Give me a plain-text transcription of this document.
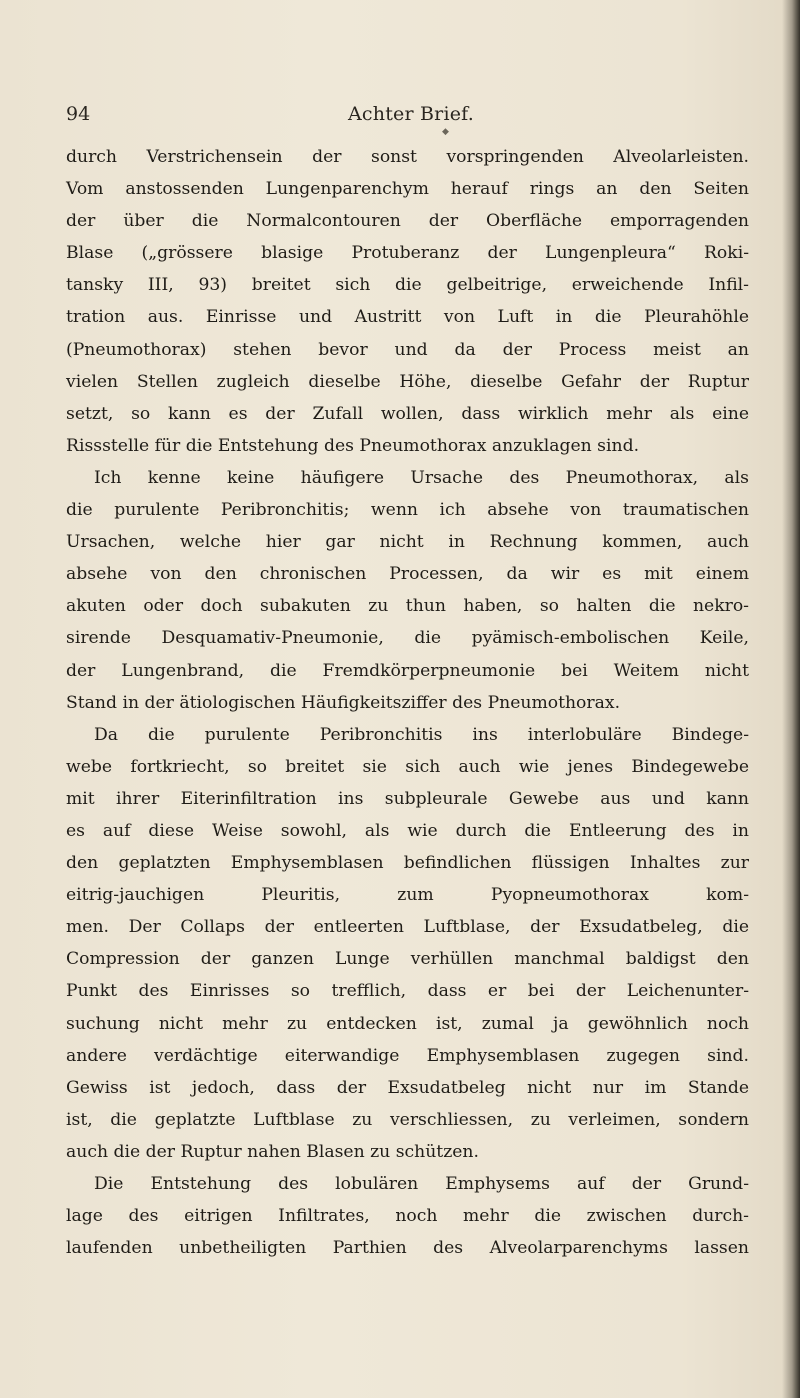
94	Achter Brief.
◆
durch Verstrichensein der sonst vorspringenden Alveolarleisten.
Vom anstossenden Lungenparenchym herauf rings an den Seiten
der über die Normalcontouren der Oberfläche emporragenden
Blase („grössere blasige Protuberanz der Lungenpleura“ Roki-
tansky III, 93) breitet sich die gelbeitrige, erweichende Infil-
tration aus. Einrisse und Austritt von Luft in die Pleurahöhle
(Pneumothorax) stehen bevor und da der Process meist an
vielen Stellen zugleich dieselbe Höhe, dieselbe Gefahr der Ruptur
setzt, so kann es der Zufall wollen, dass wirklich mehr als eine
Rissstelle für die Entstehung des Pneumothorax anzuklagen sind.
Ich kenne keine häufigere Ursache des Pneumothorax, als
die purulente Peribronchitis; wenn ich absehe von traumatischen
Ursachen, welche hier gar nicht in Rechnung kommen, auch
absehe von den chronischen Processen, da wir es mit einem
akuten oder doch subakuten zu thun haben, so halten die nekro-
sirende Desquamativ-Pneumonie, die pyämisch-embolischen Keile,
der Lungenbrand, die Fremdkörperpneumonie bei Weitem nicht
Stand in der ätiologischen Häufigkeitsziffer des Pneumothorax.
Da die purulente Peribronchitis ins interlobuläre Bindege-
webe fortkriecht, so breitet sie sich auch wie jenes Bindegewebe
mit ihrer Eiterinfiltration ins subpleurale Gewebe aus und kann
es auf diese Weise sowohl, als wie durch die Entleerung des in
den geplatzten Emphysemblasen befindlichen flüssigen Inhaltes zur
eitrig-jauchigen Pleuritis, zum Pyopneumothorax kom-
men. Der Collaps der entleerten Luftblase, der Exsudatbeleg, die
Compression der ganzen Lunge verhüllen manchmal baldigst den
Punkt des Einrisses so trefflich, dass er bei der Leichenunter-
suchung nicht mehr zu entdecken ist, zumal ja gewöhnlich noch
andere verdächtige eiterwandige Emphysemblasen zugegen sind.
Gewiss ist jedoch, dass der Exsudatbeleg nicht nur im Stande
ist, die geplatzte Luftblase zu verschliessen, zu verleimen, sondern
auch die der Ruptur nahen Blasen zu schützen.
Die Entstehung des lobulären Emphysems auf der Grund-
lage des eitrigen Infiltrates, noch mehr die zwischen durch-
laufenden unbetheiligten Parthien des Alveolarparenchyms lassen
